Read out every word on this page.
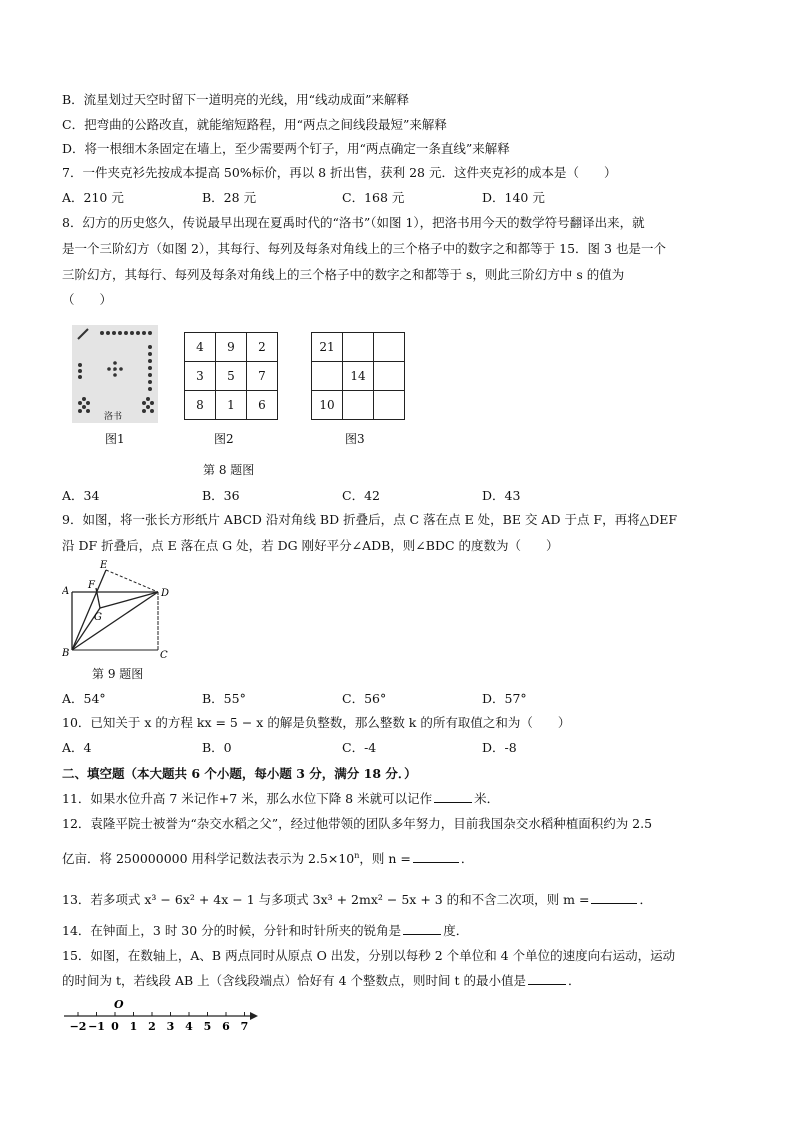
B．流星划过天空时留下一道明亮的光线，用“线动成面”来解释
C．把弯曲的公路改直，就能缩短路程，用“两点之间线段最短”来解释
D．将一根细木条固定在墙上，至少需要两个钉子，用“两点确定一条直线”来解释
7．一件夹克衫先按成本提高 50%标价，再以 8 折出售，获利 28 元．这件夹克衫的成本是（　　）
A．210 元	B．28 元	C．168 元	D．140 元
8．幻方的历史悠久，传说最早出现在夏禹时代的“洛书”（如图 1），把洛书用今天的数学符号翻译出来，就
是一个三阶幻方（如图 2），其每行、每列及每条对角线上的三个格子中的数字之和都等于 15．图 3 也是一个
三阶幻方，其每行、每列及每条对角线上的三个格子中的数字之和都等于 s，则此三阶幻方中 s 的值为
（　　）
洛书
图1
4	9	2
3	5	7
8	1	6
图2
21		
	14	
10		
图3
第 8 题图
A．34	B．36	C．42	D．43
9．如图，将一张长方形纸片 ABCD 沿对角线 BD 折叠后，点 C 落在点 E 处，BE 交 AD 于点 F，再将△DEF
沿 DF 折叠后，点 E 落在点 G 处，若 DG 刚好平分∠ADB，则∠BDC 的度数为（　　）
A
B	C
D
E
F
G
第 9 题图
A．54°	B．55°	C．56°	D．57°
10．已知关于 x 的方程 kx = 5 − x 的解是负整数，那么整数 k 的所有取值之和为（　　）
A．4	B．0	C．-4	D．-8
二、填空题（本大题共 6 个小题，每小题 3 分，满分 18 分．）
11．如果水位升高 7 米记作+7 米，那么水位下降 8 米就可以记作	米．
12．袁隆平院士被誉为“杂交水稻之父”，经过他带领的团队多年努力，目前我国杂交水稻种植面积约为 2.5
亿亩．将 250000000 用科学记数法表示为 $2.5\times 10^n$，则 n =	．
13．若多项式 x³ − 6x² + 4x − 1 与多项式 3x³ + 2mx² − 5x + 3 的和不含二次项，则 m =	．
14．在钟面上，3 时 30 分的时候，分针和时针所夹的锐角是	度．
15．如图，在数轴上，A、B 两点同时从原点 O 出发，分别以每秒 2 个单位和 4 个单位的速度向右运动，运动
的时间为 t，若线段 AB 上（含线段端点）恰好有 4 个整数点，则时间 t 的最小值是	．
O
−2 −1 0 1 2 3 4 5 6 7
